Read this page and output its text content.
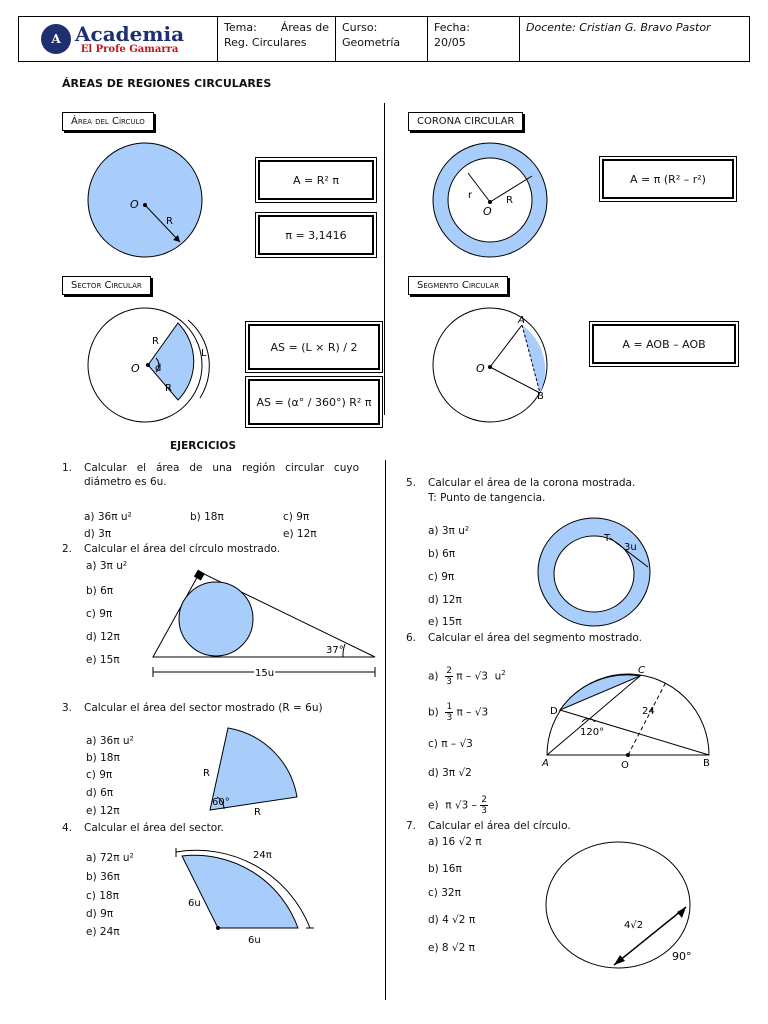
A Academia
El Profe Gamarra
Tema: Áreas de
Reg. Circulares
Curso:
Geometría
Fecha:
20/05
Docente: Cristian G. Bravo Pastor
ÁREAS DE REGIONES CIRCULARES
Área del Círculo	CORONA CIRCULAR
Sector Circular	Segmento Circular
A = R² π
π = 3,1416
A = π (R² – r²)
AS = (L × R) / 2
AS = (α° / 360°) R² π
A = AOB – AOB
O
R
O
r	R
O d
R
R
L
O
A
B
EJERCICIOS
1. Calcular el área de una región circular cuyo diámetro es 6u.
a) 36π u²	b) 18π	c) 9π
d) 3π	e) 12π
2. Calcular el área del círculo mostrado.
a) 3π u²
b) 6π
c) 9π
d) 12π
e) 15π
3. Calcular el área del sector mostrado (R = 6u)
a) 36π u²
b) 18π
c) 9π
d) 6π
e) 12π
4. Calcular el área del sector.
a) 72π u²
b) 36π
c) 18π
d) 9π
e) 24π
5. Calcular el área de la corona mostrada.
T: Punto de tangencia.
a) 3π u²
b) 6π
c) 9π
d) 12π
e) 15π
6. Calcular el área del segmento mostrado.
$a) \frac{2}{3}$ π – √3  $u^2$
$b) \frac{1}{3}$ π – √3
c) π – √3
d) 3π √2
e)  π $√3 - \frac{2}{3}$
7. Calcular el área del círculo.
a) 16 √2 π
b) 16π
c) 32π
d) 4 √2 π
e) 8 √2 π
37°
15u
R
R
60°
24π
6u
6u
T
3u
C
D
A	O	B
24
120°
4√2
90°
